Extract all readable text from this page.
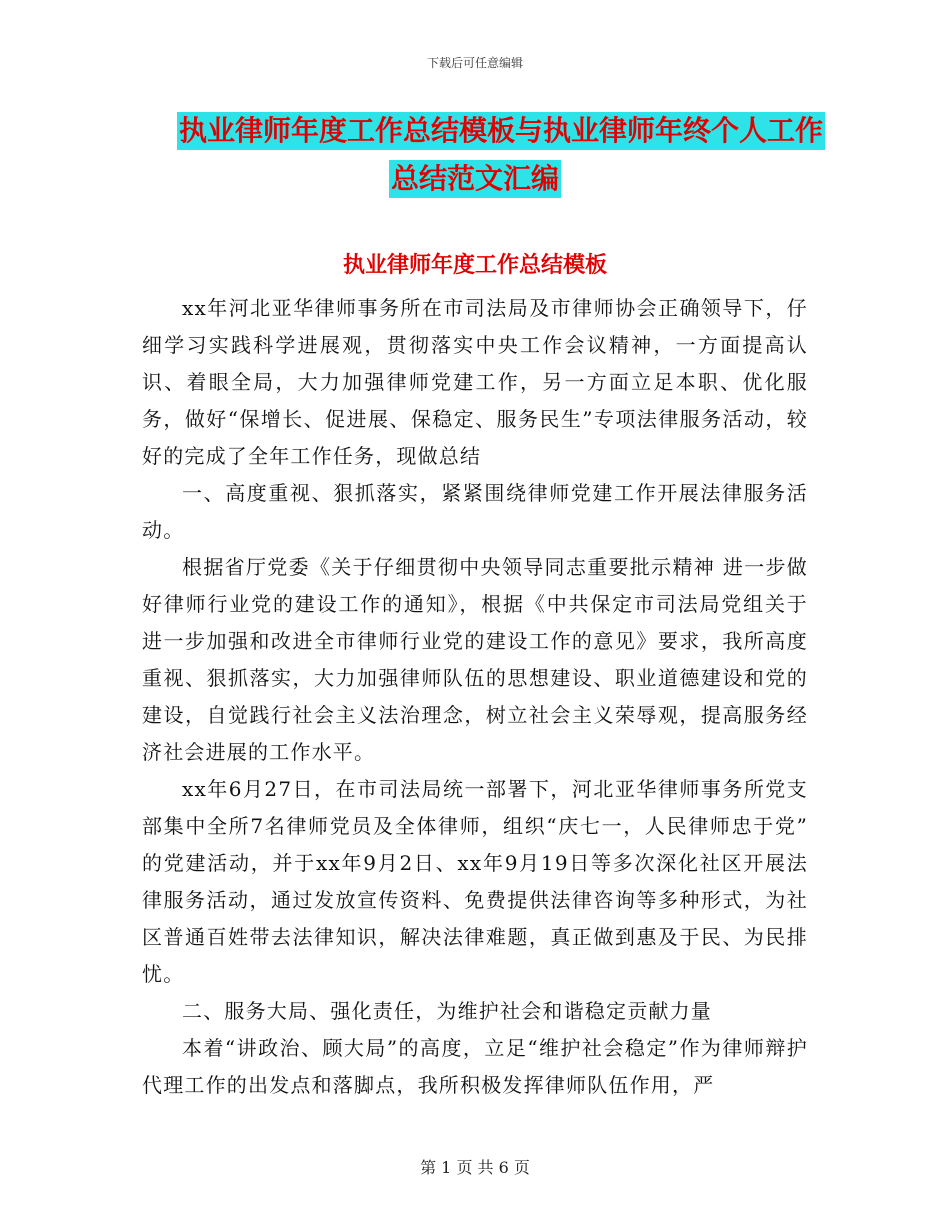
下载后可任意编辑
执业律师年度工作总结模板与执业律师年终个人工作
总结范文汇编
执业律师年度工作总结模板

xx年河北亚华律师事务所在市司法局及市律师协会正确领导下，仔细学习实践科学进展观，贯彻落实中央工作会议精神，一方面提高认识、着眼全局，大力加强律师党建工作，另一方面立足本职、优化服务，做好“保增长、促进展、保稳定、服务民生”专项法律服务活动，较好的完成了全年工作任务，现做总结

一、高度重视、狠抓落实，紧紧围绕律师党建工作开展法律服务活动。

根据省厅党委《关于仔细贯彻中央领导同志重要批示精神 进一步做好律师行业党的建设工作的通知》，根据《中共保定市司法局党组关于进一步加强和改进全市律师行业党的建设工作的意见》要求，我所高度重视、狠抓落实，大力加强律师队伍的思想建设、职业道德建设和党的建设，自觉践行社会主义法治理念，树立社会主义荣辱观，提高服务经济社会进展的工作水平。

xx年6月27日，在市司法局统一部署下，河北亚华律师事务所党支部集中全所7名律师党员及全体律师，组织“庆七一，人民律师忠于党” 的党建活动，并于xx年9月2日、xx年9月19日等多次深化社区开展法律服务活动，通过发放宣传资料、免费提供法律咨询等多种形式，为社区普通百姓带去法律知识，解决法律难题，真正做到惠及于民、为民排忧。

二、服务大局、强化责任，为维护社会和谐稳定贡献力量

本着“讲政治、顾大局”的高度，立足“维护社会稳定”作为律师辩护代理工作的出发点和落脚点，我所积极发挥律师队伍作用，严

第 1 页 共 6 页
